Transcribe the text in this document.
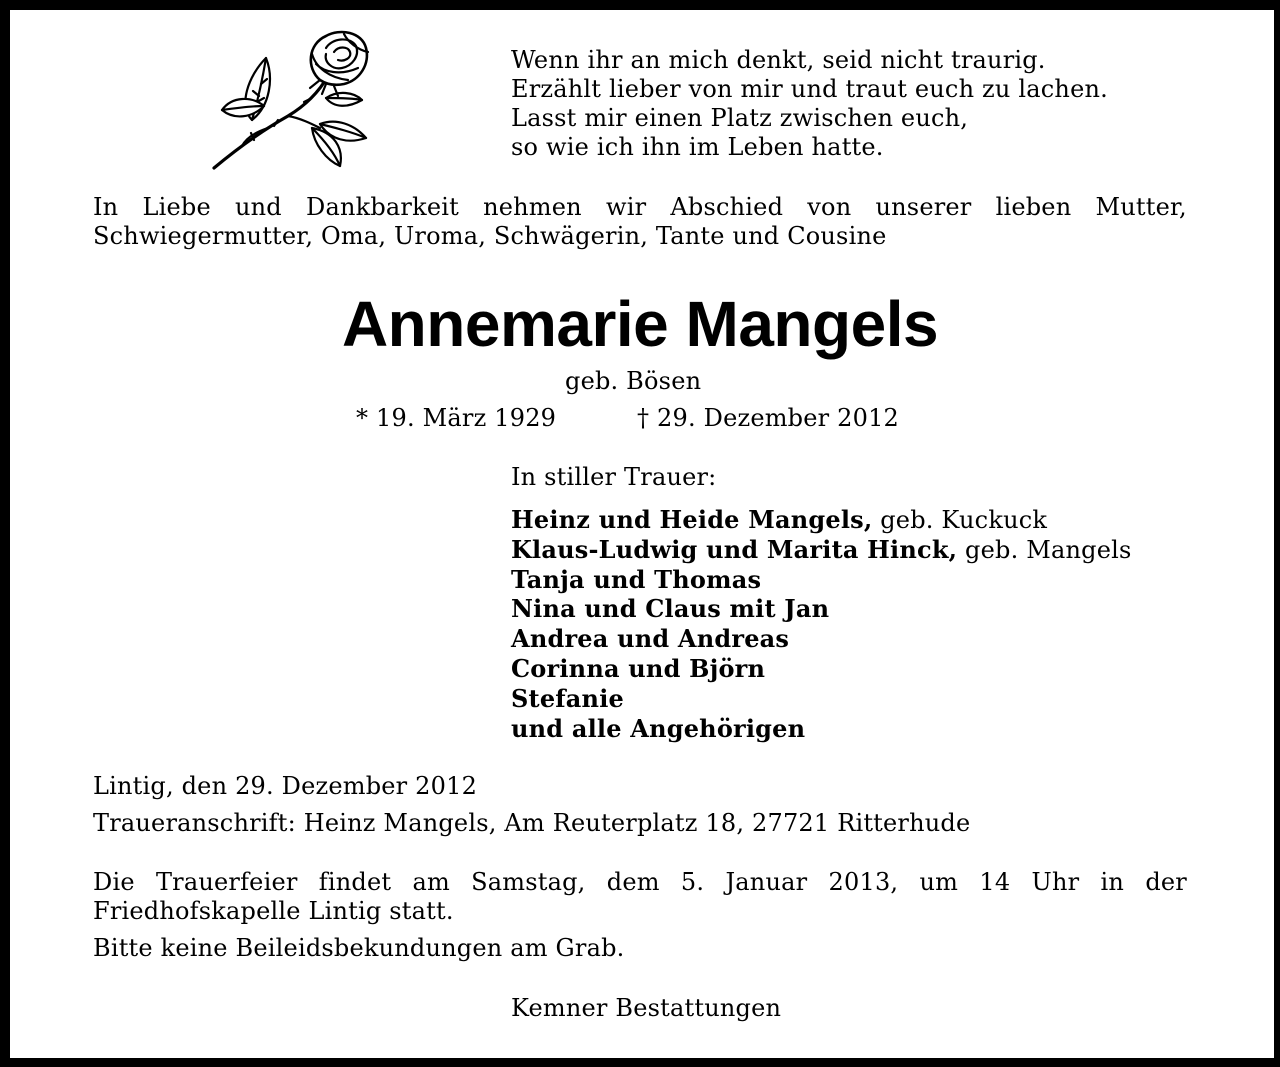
Wenn ihr an mich denkt, seid nicht traurig.
Erzählt lieber von mir und traut euch zu lachen.
Lasst mir einen Platz zwischen euch,
so wie ich ihn im Leben hatte.
In Liebe und Dankbarkeit nehmen wir Abschied von unserer lieben Mutter,
Schwiegermutter, Oma, Uroma, Schwägerin, Tante und Cousine
Annemarie Mangels
geb. Bösen
* 19. März 1929	† 29. Dezember 2012
In stiller Trauer:
Heinz und Heide Mangels, geb. Kuckuck
Klaus-Ludwig und Marita Hinck, geb. Mangels
Tanja und Thomas
Nina und Claus mit Jan
Andrea und Andreas
Corinna und Björn
Stefanie
und alle Angehörigen
Lintig, den 29. Dezember 2012
Traueranschrift: Heinz Mangels, Am Reuterplatz 18, 27721 Ritterhude
Die Trauerfeier findet am Samstag, dem 5. Januar 2013, um 14 Uhr in der
Friedhofskapelle Lintig statt.
Bitte keine Beileidsbekundungen am Grab.
Kemner Bestattungen
